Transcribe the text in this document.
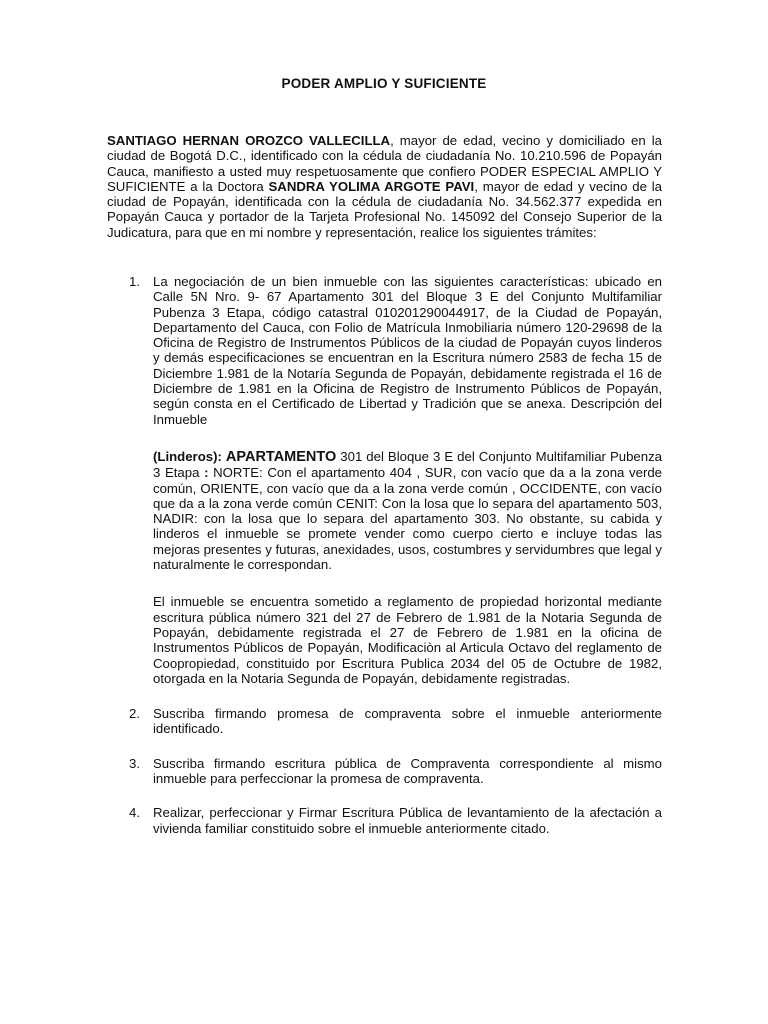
PODER AMPLIO Y SUFICIENTE
SANTIAGO HERNAN OROZCO VALLECILLA, mayor de edad, vecino y domiciliado en la ciudad de Bogotá D.C., identificado con la cédula de ciudadanía No. 10.210.596 de Popayán Cauca, manifiesto a usted muy respetuosamente que confiero PODER ESPECIAL AMPLIO Y SUFICIENTE a la Doctora SANDRA YOLIMA ARGOTE PAVI, mayor de edad y vecino de la ciudad de Popayán, identificada con la cédula de ciudadanía No. 34.562.377 expedida en Popayán Cauca y portador de la Tarjeta Profesional No. 145092 del Consejo Superior de la Judicatura, para que en mi nombre y representación, realice los siguientes trámites:
1. La negociación de un bien inmueble con las siguientes características: ubicado en Calle 5N Nro. 9- 67 Apartamento 301 del Bloque 3 E del Conjunto Multifamiliar Pubenza 3 Etapa, código catastral 010201290044917, de la Ciudad de Popayán, Departamento del Cauca, con Folio de Matrícula Inmobiliaria número 120-29698 de la Oficina de Registro de Instrumentos Públicos de la ciudad de Popayán cuyos linderos y demás especificaciones se encuentran en la Escritura número 2583 de fecha 15 de Diciembre 1.981 de la Notaría Segunda de Popayán, debidamente registrada el 16 de Diciembre de 1.981 en la Oficina de Registro de Instrumento Públicos de Popayán, según consta en el Certificado de Libertad y Tradición que se anexa. Descripción del Inmueble

(Linderos): APARTAMENTO 301 del Bloque 3 E del Conjunto Multifamiliar Pubenza 3 Etapa : NORTE: Con el apartamento 404 , SUR, con vacío que da a la zona verde común, ORIENTE, con vacío que da a la zona verde común , OCCIDENTE, con vacío que da a la zona verde común CENIT: Con la losa que lo separa del apartamento 503, NADIR: con la losa que lo separa del apartamento 303. No obstante, su cabida y linderos el inmueble se promete vender como cuerpo cierto e incluye todas las mejoras presentes y futuras, anexidades, usos, costumbres y servidumbres que legal y naturalmente le correspondan.

El inmueble se encuentra sometido a reglamento de propiedad horizontal mediante escritura pública número 321 del 27 de Febrero de 1.981 de la Notaria Segunda de Popayán, debidamente registrada el 27 de Febrero de 1.981 en la oficina de Instrumentos Públicos de Popayán, Modificaciòn al Articula Octavo del reglamento de Coopropiedad, constituido por Escritura Publica 2034 del 05 de Octubre de 1982, otorgada en la Notaria Segunda de Popayán, debidamente registradas.

2. Suscriba firmando promesa de compraventa sobre el inmueble anteriormente identificado.

3. Suscriba firmando escritura pública de Compraventa correspondiente al mismo inmueble para perfeccionar la promesa de compraventa.

4. Realizar, perfeccionar y Firmar Escritura Pública de levantamiento de la afectación a vivienda familiar constituido sobre el inmueble anteriormente citado.
